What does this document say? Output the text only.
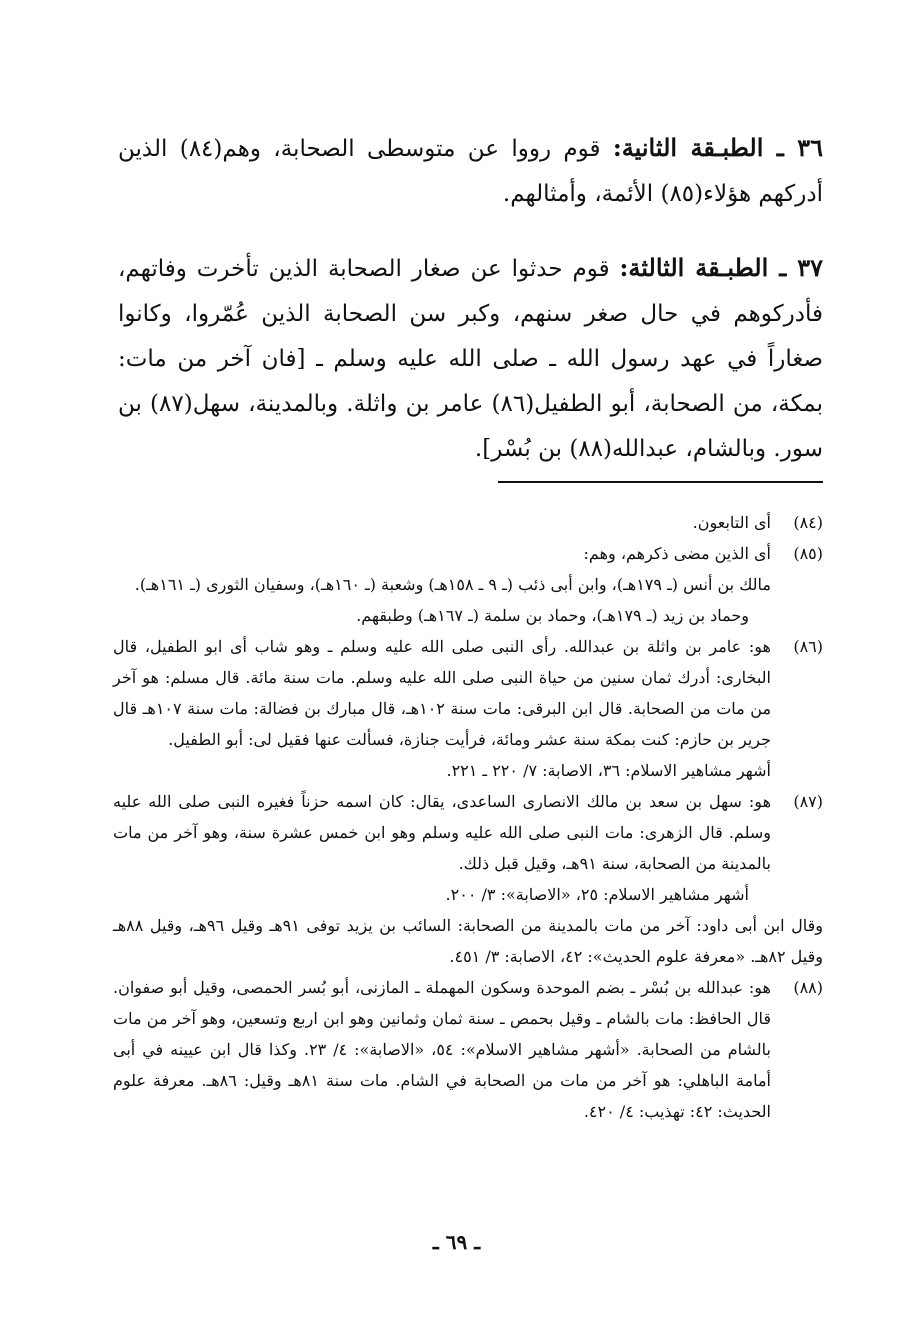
٣٦ ـ الطبـقة الثانية: قوم رووا عن متوسطى الصحابة، وهم(٨٤) الذين أدركهم هؤلاء(٨٥) الأئمة، وأمثالهم.

٣٧ ـ الطبـقة الثالثة: قوم حدثوا عن صغار الصحابة الذين تأخرت وفاتهم، فأدركوهم في حال صغر سنهم، وكبر سن الصحابة الذين عُمّروا، وكانوا صغاراً في عهد رسول الله ـ صلى الله عليه وسلم ـ [فان آخر من مات: بمكة، من الصحابة، أبو الطفيل(٨٦) عامر بن واثلة. وبالمدينة، سهل(٨٧) بن سور. وبالشام، عبدالله(٨٨) بن بُسْر].

(٨٤)
أى التابعون.
(٨٥)
أى الذين مضى ذكرهم، وهم:
مالك بن أنس (ـ ١٧٩هـ)، وابن أبى ذئب (ـ ٩ ـ ١٥٨هـ) وشعبة (ـ ١٦٠هـ)، وسفيان الثورى (ـ ١٦١هـ).
وحماد بن زيد (ـ ١٧٩هـ)، وحماد بن سلمة (ـ ١٦٧هـ) وطبقهم.
(٨٦)
هو: عامر بن واثلة بن عبدالله. رأى النبى صلى الله عليه وسلم ـ وهو شاب أى ابو الطفيل، قال البخارى: أدرك ثمان سنين من حياة النبى صلى الله عليه وسلم. مات سنة مائة. قال مسلم: هو آخر من مات من الصحابة. قال ابن البرقى: مات سنة ١٠٢هـ، قال مبارك بن فضالة: مات سنة ١٠٧هـ قال جرير بن حازم: كنت بمكة سنة عشر ومائة، فرأيت جنازة، فسألت عنها فقيل لى: أبو الطفيل.
أشهر مشاهير الاسلام: ٣٦، الاصابة: ٧/ ٢٢٠ ـ ٢٢١.
(٨٧)
هو: سهل بن سعد بن مالك الانصارى الساعدى، يقال: كان اسمه حزناً فغيره النبى صلى الله عليه وسلم. قال الزهرى: مات النبى صلى الله عليه وسلم وهو ابن خمس عشرة سنة، وهو آخر من مات بالمدينة من الصحابة، سنة ٩١هـ، وقيل قبل ذلك.
أشهر مشاهير الاسلام: ٢٥، «الاصابة»: ٣/ ٢٠٠.
وقال ابن أبى داود: آخر من مات بالمدينة من الصحابة: السائب بن يزيد توفى ٩١هـ وقيل ٩٦هـ، وقيل ٨٨هـ وقيل ٨٢هـ. «معرفة علوم الحديث»: ٤٢، الاصابة: ٣/ ٤٥١.
(٨٨)
هو: عبدالله بن بُسْر ـ بضم الموحدة وسكون المهملة ـ المازنى، أبو بُسر الحمصى، وقيل أبو صفوان. قال الحافظ: مات بالشام ـ وقيل بحمص ـ سنة ثمان وثمانين وهو ابن اربع وتسعين، وهو آخر من مات بالشام من الصحابة. «أشهر مشاهير الاسلام»: ٥٤، «الاصابة»: ٤/ ٢٣. وكذا قال ابن عيينه في أبى أمامة الباهلي: هو آخر من مات من الصحابة في الشام. مات سنة ٨١هـ وقيل: ٨٦هـ. معرفة علوم الحديث: ٤٢: تهذيب: ٤/ ٤٢٠.
ـ ٦٩ ـ
